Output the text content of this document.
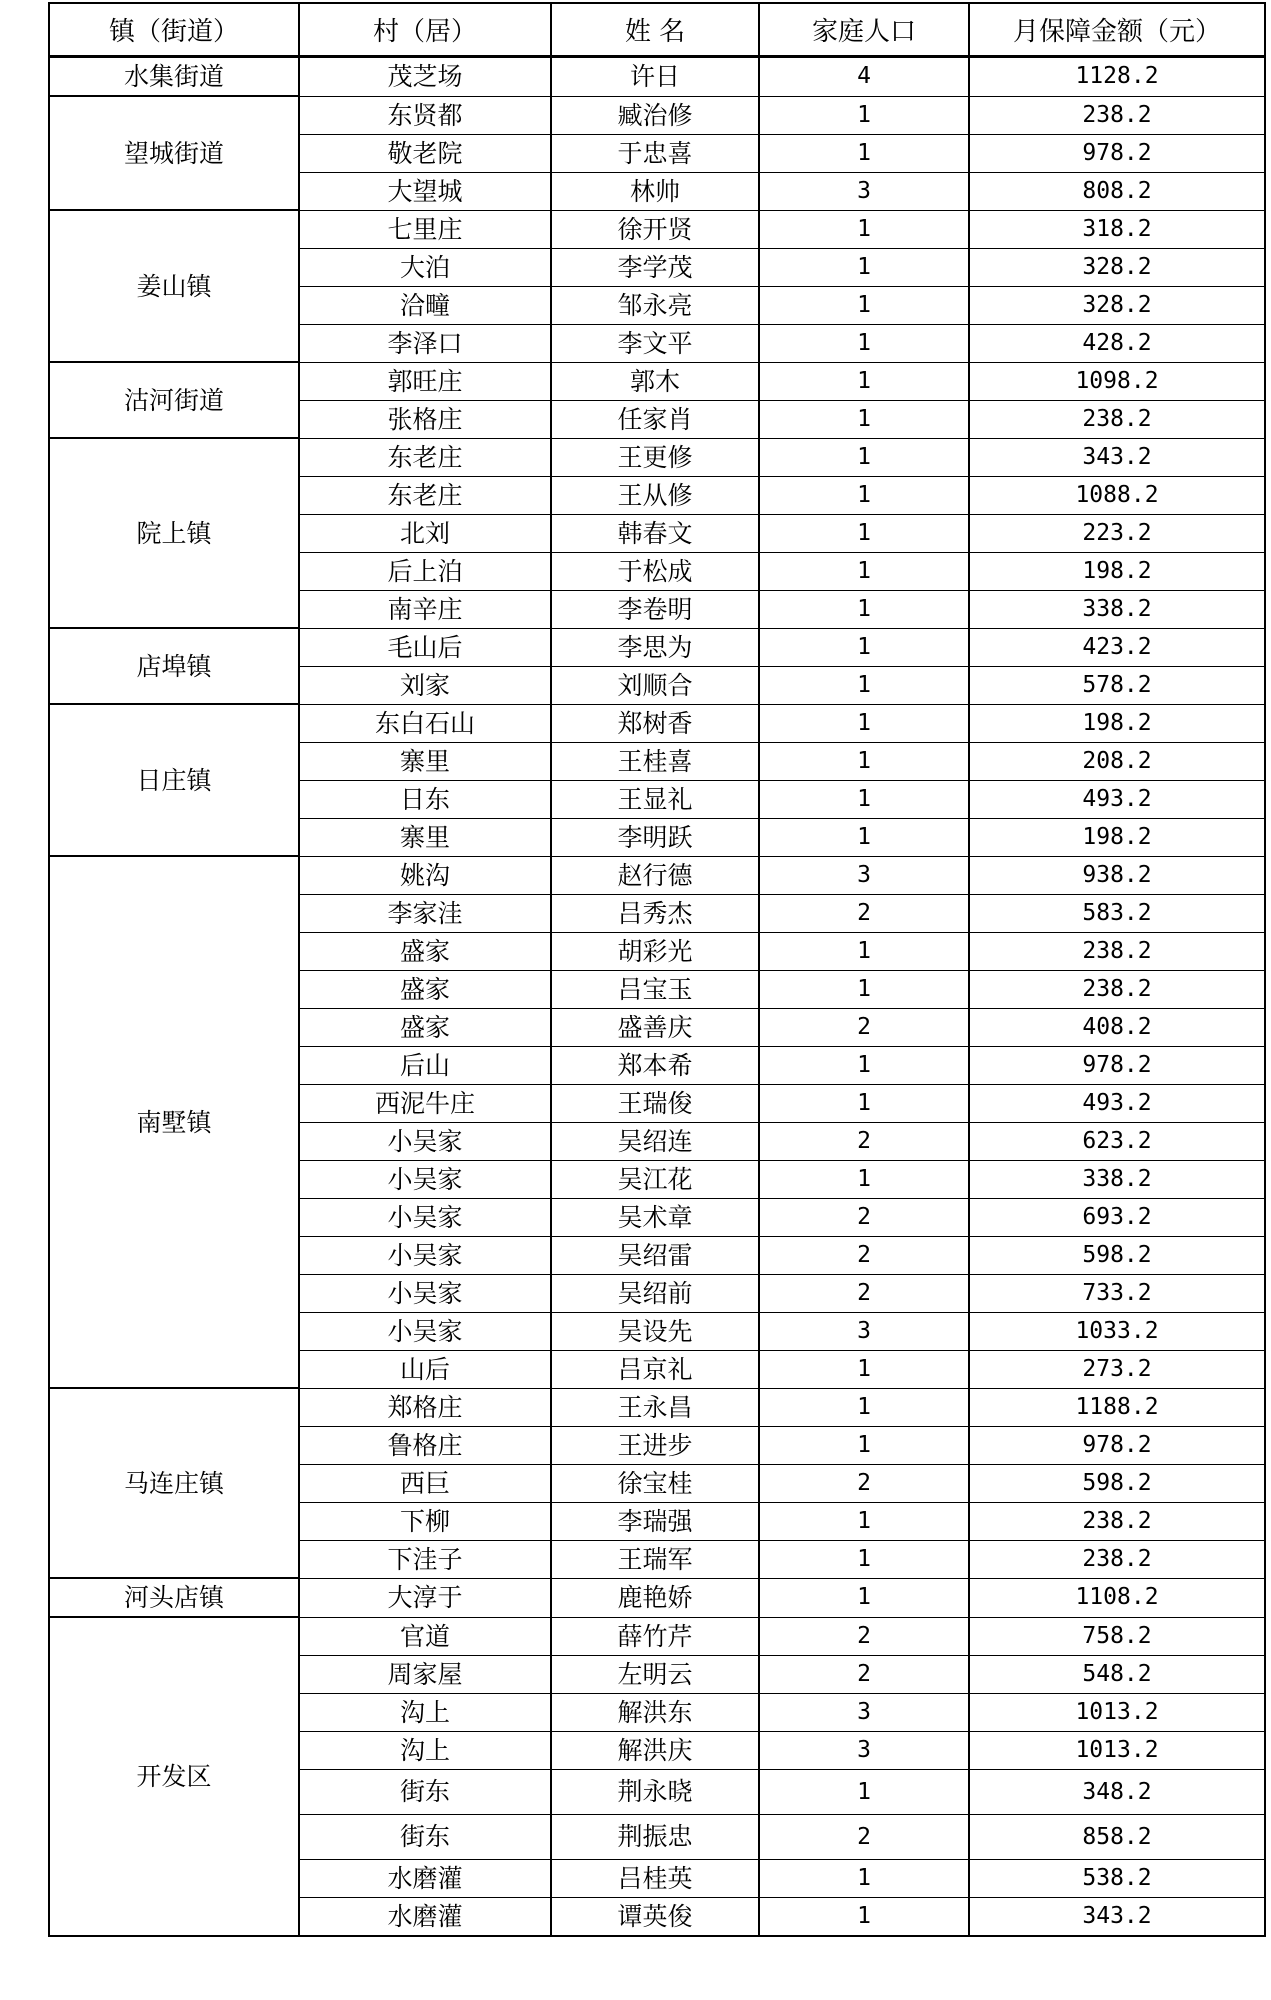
镇（街道）	村（居）	姓 名	家庭人口	月保障金额（元）
水集街道	茂芝场	许日	4	1128.2
望城街道	东贤都	臧治修	1	238.2
	敬老院	于忠喜	1	978.2
	大望城	林帅	3	808.2
姜山镇	七里庄	徐开贤	1	318.2
	大泊	李学茂	1	328.2
	洽疃	邹永亮	1	328.2
	李泽口	李文平	1	428.2
沽河街道	郭旺庄	郭木	1	1098.2
	张格庄	任家肖	1	238.2
院上镇	东老庄	王更修	1	343.2
	东老庄	王从修	1	1088.2
	北刘	韩春文	1	223.2
	后上泊	于松成	1	198.2
	南辛庄	李卷明	1	338.2
店埠镇	毛山后	李思为	1	423.2
	刘家	刘顺合	1	578.2
日庄镇	东白石山	郑树香	1	198.2
	寨里	王桂喜	1	208.2
	日东	王显礼	1	493.2
	寨里	李明跃	1	198.2
南墅镇	姚沟	赵行德	3	938.2
	李家洼	吕秀杰	2	583.2
	盛家	胡彩光	1	238.2
	盛家	吕宝玉	1	238.2
	盛家	盛善庆	2	408.2
	后山	郑本希	1	978.2
	西泥牛庄	王瑞俊	1	493.2
	小吴家	吴绍连	2	623.2
	小吴家	吴江花	1	338.2
	小吴家	吴术章	2	693.2
	小吴家	吴绍雷	2	598.2
	小吴家	吴绍前	2	733.2
	小吴家	吴设先	3	1033.2
	山后	吕京礼	1	273.2
马连庄镇	郑格庄	王永昌	1	1188.2
	鲁格庄	王进步	1	978.2
	西巨	徐宝桂	2	598.2
	下柳	李瑞强	1	238.2
	下洼子	王瑞军	1	238.2
河头店镇	大淳于	鹿艳娇	1	1108.2
开发区	官道	薛竹芹	2	758.2
	周家屋	左明云	2	548.2
	沟上	解洪东	3	1013.2
	沟上	解洪庆	3	1013.2
	街东	荆永晓	1	348.2
	街东	荆振忠	2	858.2
	水磨灌	吕桂英	1	538.2
	水磨灌	谭英俊	1	343.2
